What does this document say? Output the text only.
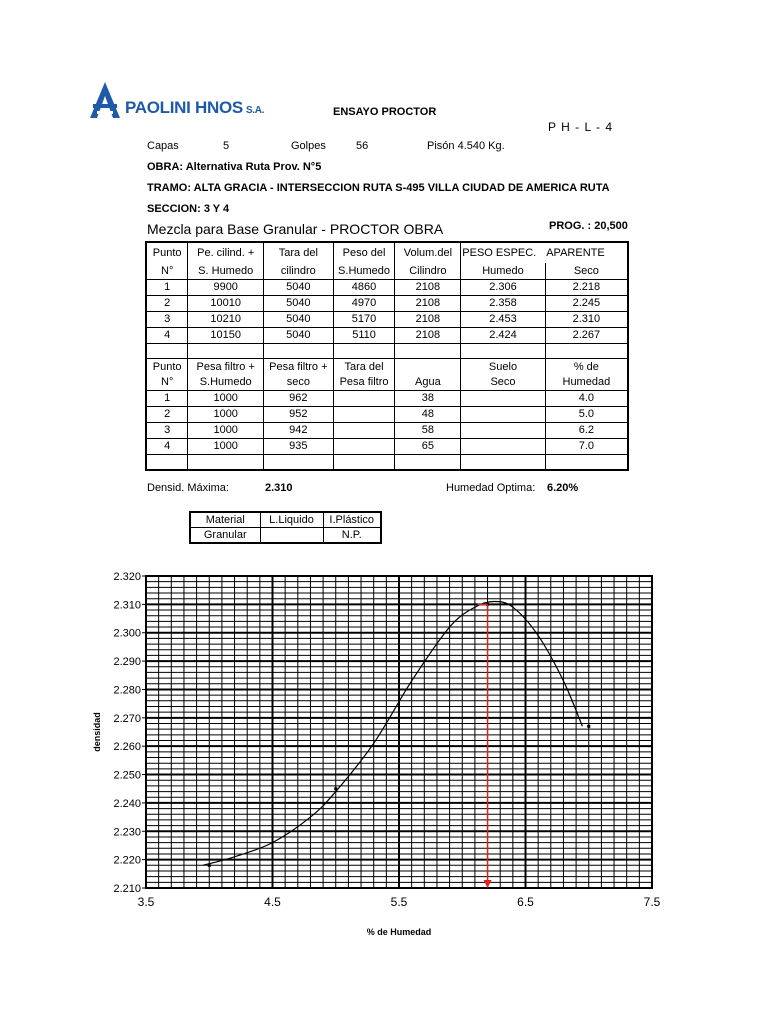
PAOLINI HNOS S.A.	ENSAYO PROCTOR
P H - L - 4
Capas	5	Golpes	56	Pisón 4.540 Kg.
OBRA: Alternativa Ruta Prov. N°5
TRAMO: ALTA GRACIA - INTERSECCION RUTA S-495 VILLA CIUDAD DE AMERICA RUTA
SECCION: 3 Y 4
Mezcla para Base Granular - PROCTOR OBRA	PROG. : 20,500
Punto	Pe. cilind. +	Tara del	Peso del	Volum.del	PESO ESPEC.	APARENTE
N°	S. Humedo	cilindro	S.Humedo	Cilindro	Humedo	Seco
1	9900	5040	4860	2108	2.306	2.218
2	10010	5040	4970	2108	2.358	2.245
3	10210	5040	5170	2108	2.453	2.310
4	10150	5040	5110	2108	2.424	2.267

Punto	Pesa filtro +	Pesa filtro +	Tara del		Suelo	% de
N°	S.Humedo	seco	Pesa filtro	Agua	Seco	Humedad
1	1000	962		38		4.0
2	1000	952		48		5.0
3	1000	942		58		6.2
4	1000	935		65		7.0

Densid. Máxima:	2.310	Humedad Optima: 6.20%
Material	L.Liquido	I.Plástico
Granular		N.P.
2.210
2.220
2.230
2.240
2.250
2.260
2.270
2.280
2.290
2.300
2.310
2.320
3.5	4.5	5.5	6.5	7.5
% de Humedad
densidad
